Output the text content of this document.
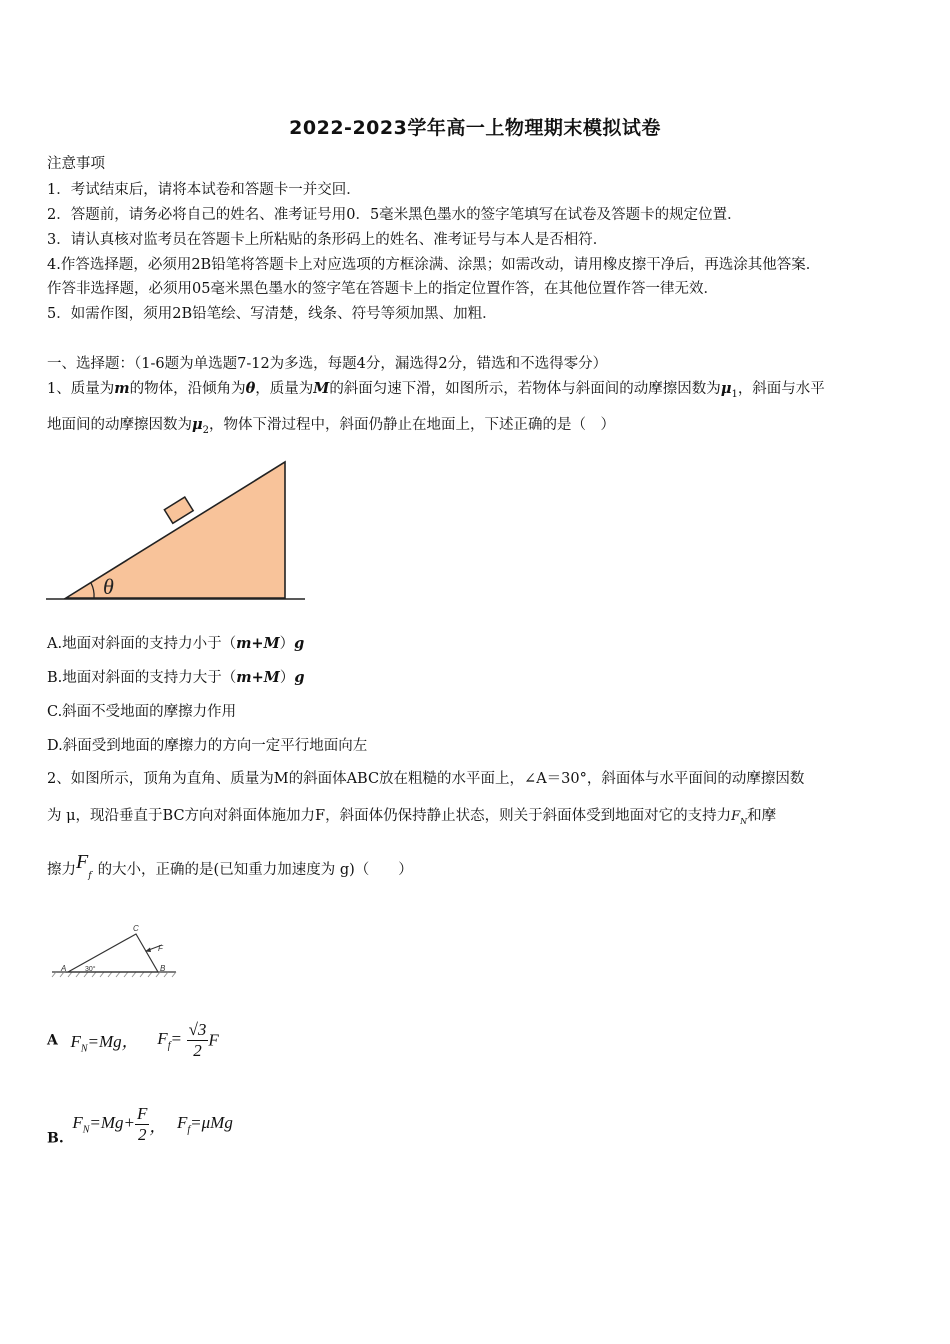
2022-2023学年高一上物理期末模拟试卷
注意事项
1．考试结束后，请将本试卷和答题卡一并交回．
2．答题前，请务必将自己的姓名、准考证号用0．5毫米黑色墨水的签字笔填写在试卷及答题卡的规定位置．
3．请认真核对监考员在答题卡上所粘贴的条形码上的姓名、准考证号与本人是否相符．
4.作答选择题，必须用2B铅笔将答题卡上对应选项的方框涂满、涂黑；如需改动，请用橡皮擦干净后，再选涂其他答案．
作答非选择题，必须用05毫米黑色墨水的签字笔在答题卡上的指定位置作答，在其他位置作答一律无效．
5．如需作图，须用2B铅笔绘、写清楚，线条、符号等须加黑、加粗．
一、选择题：（1-6题为单选题7-12为多选，每题4分，漏选得2分，错选和不选得零分）
1、质量为m的物体，沿倾角为θ，质量为M的斜面匀速下滑，如图所示，若物体与斜面间的动摩擦因数为$\mu_1$，斜面与水平
地面间的动摩擦因数为$\mu_2$，物体下滑过程中，斜面仍静止在地面上，下述正确的是（　）
θ
A.地面对斜面的支持力小于（m+M）g
B.地面对斜面的支持力大于（m+M）g
C.斜面不受地面的摩擦力作用
D.斜面受到地面的摩擦力的方向一定平行地面向左
2、如图所示，顶角为直角、质量为M的斜面体ABC放在粗糙的水平面上，∠A＝30°，斜面体与水平面间的动摩擦因数
为 μ，现沿垂直于BC方向对斜面体施加力F，斜面体仍保持静止状态，则关于斜面体受到地面对它的支持力$F_N$和摩
擦力$F_f$ 的大小，正确的是(已知重力加速度为 g)（　　）
A	30°	B
C
F
A $F_N=Mg$， $F_f= \frac{√3}{2}$ F
B. $F_N=Mg+ \frac{F}{2}$ ， $F_f=\mu Mg$
